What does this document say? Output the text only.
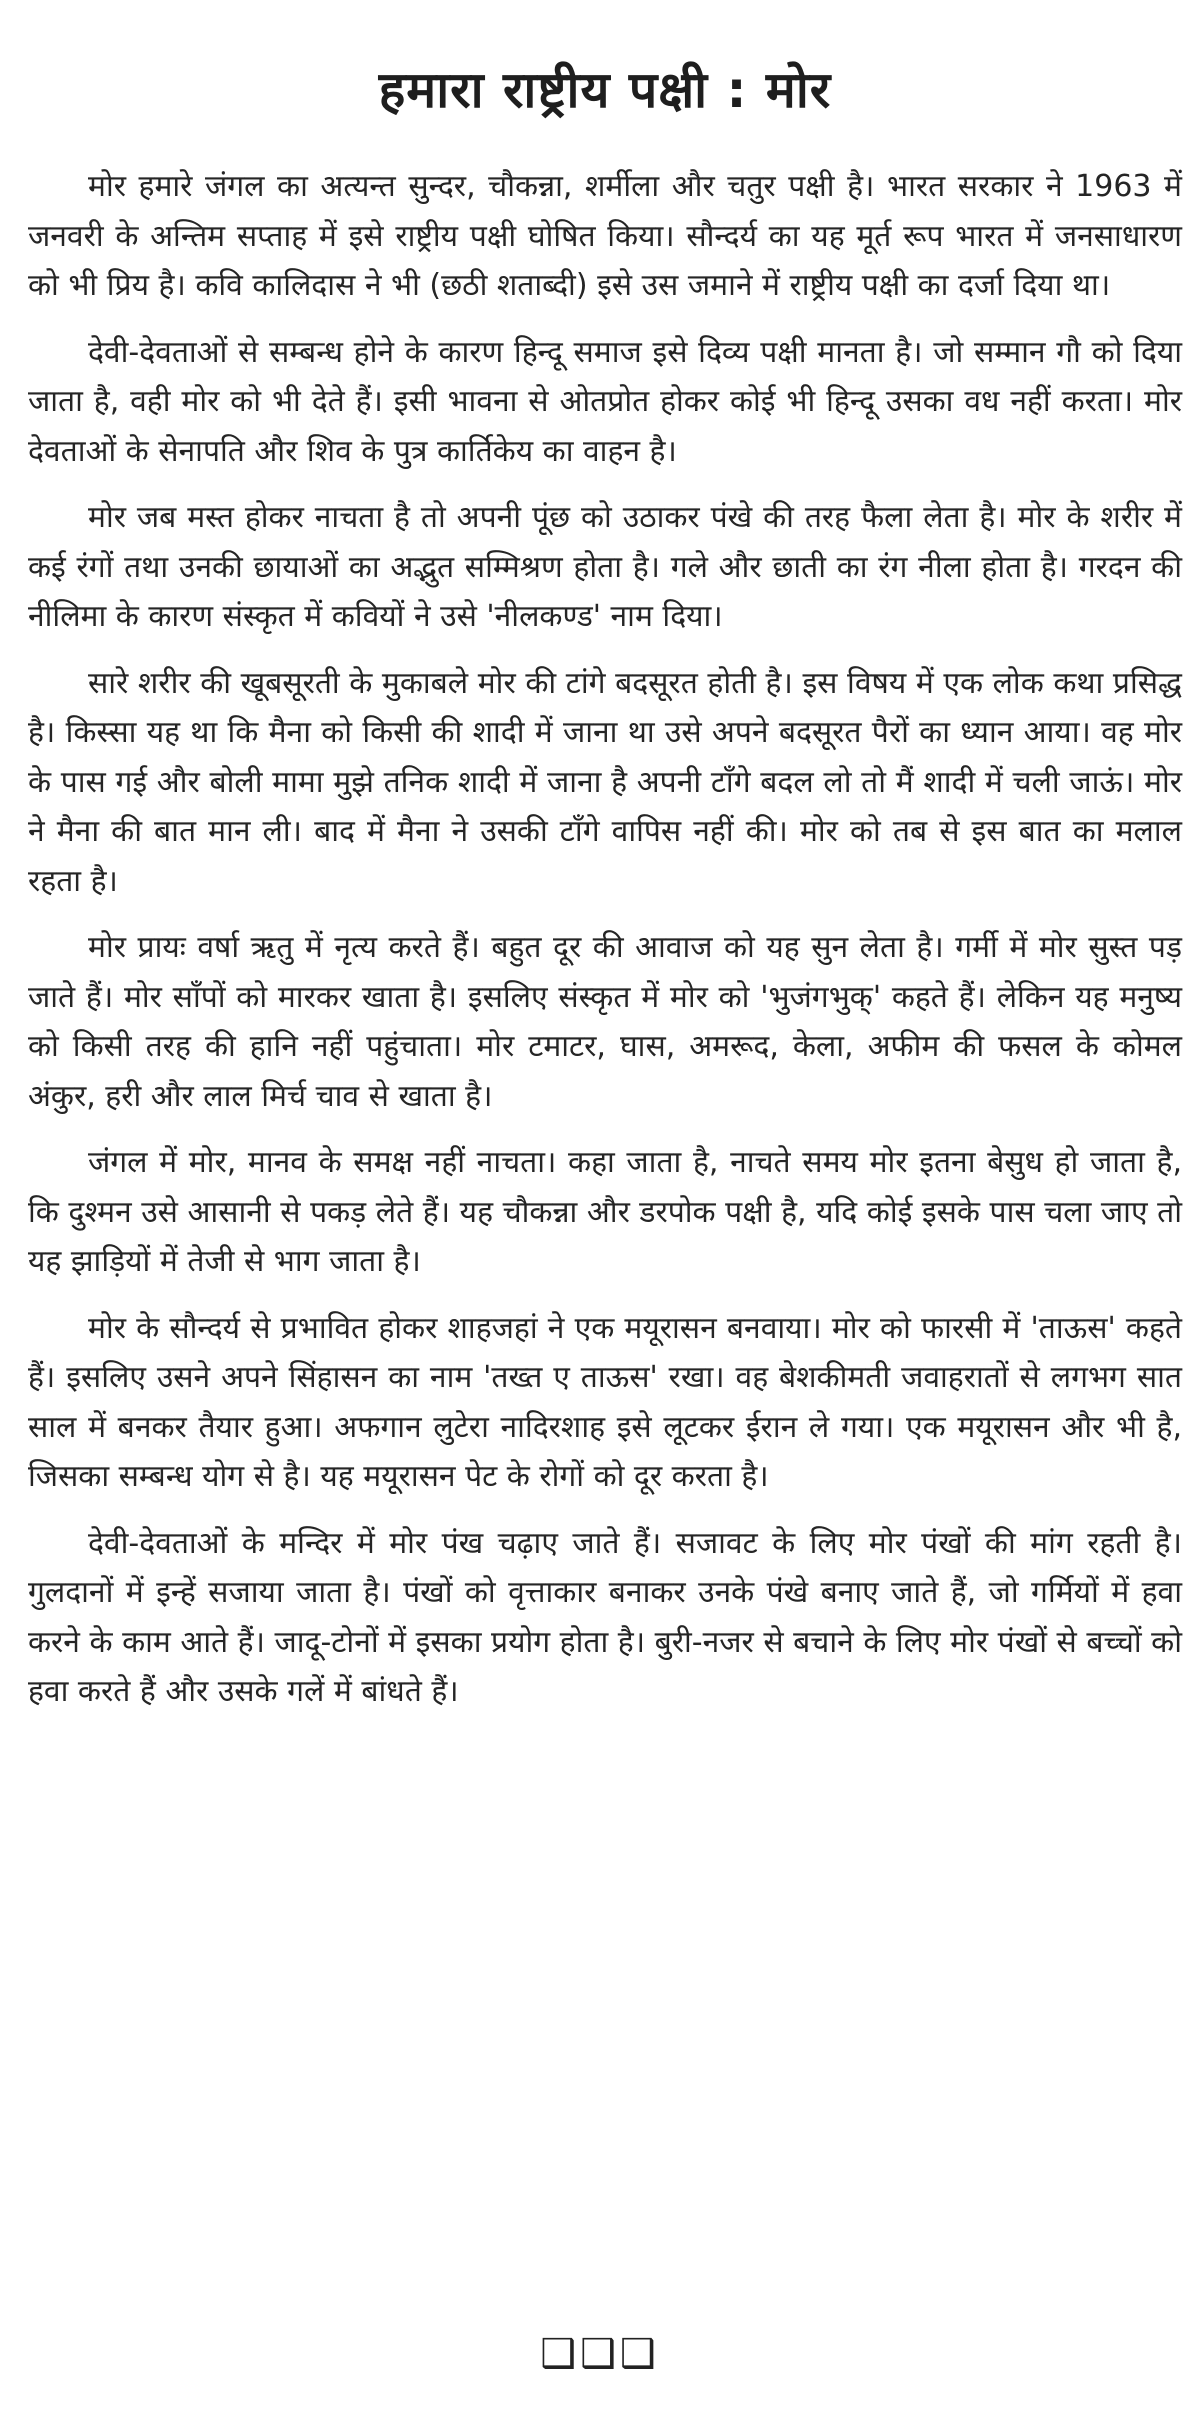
हमारा राष्ट्रीय पक्षी : मोर

मोर हमारे जंगल का अत्यन्त सुन्दर, चौकन्ना, शर्मीला और चतुर पक्षी है। भारत सरकार ने 1963 में जनवरी के अन्तिम सप्ताह में इसे राष्ट्रीय पक्षी घोषित किया। सौन्दर्य का यह मूर्त रूप भारत में जनसाधारण को भी प्रिय है। कवि कालिदास ने भी (छठी शताब्दी) इसे उस जमाने में राष्ट्रीय पक्षी का दर्जा दिया था।

देवी-देवताओं से सम्बन्ध होने के कारण हिन्दू समाज इसे दिव्य पक्षी मानता है। जो सम्मान गौ को दिया जाता है, वही मोर को भी देते हैं। इसी भावना से ओतप्रोत होकर कोई भी हिन्दू उसका वध नहीं करता। मोर देवताओं के सेनापति और शिव के पुत्र कार्तिकेय का वाहन है।

मोर जब मस्त होकर नाचता है तो अपनी पूंछ को उठाकर पंखे की तरह फैला लेता है। मोर के शरीर में कई रंगों तथा उनकी छायाओं का अद्भुत सम्मिश्रण होता है। गले और छाती का रंग नीला होता है। गरदन की नीलिमा के कारण संस्कृत में कवियों ने उसे 'नीलकण्ड' नाम दिया।

सारे शरीर की खूबसूरती के मुकाबले मोर की टांगे बदसूरत होती है। इस विषय में एक लोक कथा प्रसिद्ध है। किस्सा यह था कि मैना को किसी की शादी में जाना था उसे अपने बदसूरत पैरों का ध्यान आया। वह मोर के पास गई और बोली मामा मुझे तनिक शादी में जाना है अपनी टाँगे बदल लो तो मैं शादी में चली जाऊं। मोर ने मैना की बात मान ली। बाद में मैना ने उसकी टाँगे वापिस नहीं की। मोर को तब से इस बात का मलाल रहता है।

मोर प्रायः वर्षा ऋतु में नृत्य करते हैं। बहुत दूर की आवाज को यह सुन लेता है। गर्मी में मोर सुस्त पड़ जाते हैं। मोर साँपों को मारकर खाता है। इसलिए संस्कृत में मोर को 'भुजंगभुक्' कहते हैं। लेकिन यह मनुष्य को किसी तरह की हानि नहीं पहुंचाता। मोर टमाटर, घास, अमरूद, केला, अफीम की फसल के कोमल अंकुर, हरी और लाल मिर्च चाव से खाता है।

जंगल में मोर, मानव के समक्ष नहीं नाचता। कहा जाता है, नाचते समय मोर इतना बेसुध हो जाता है, कि दुश्मन उसे आसानी से पकड़ लेते हैं। यह चौकन्ना और डरपोक पक्षी है, यदि कोई इसके पास चला जाए तो यह झाड़ियों में तेजी से भाग जाता है।

मोर के सौन्दर्य से प्रभावित होकर शाहजहां ने एक मयूरासन बनवाया। मोर को फारसी में 'ताऊस' कहते हैं। इसलिए उसने अपने सिंहासन का नाम 'तख्त ए ताऊस' रखा। वह बेशकीमती जवाहरातों से लगभग सात साल में बनकर तैयार हुआ। अफगान लुटेरा नादिरशाह इसे लूटकर ईरान ले गया। एक मयूरासन और भी है, जिसका सम्बन्ध योग से है। यह मयूरासन पेट के रोगों को दूर करता है।

देवी-देवताओं के मन्दिर में मोर पंख चढ़ाए जाते हैं। सजावट के लिए मोर पंखों की मांग रहती है। गुलदानों में इन्हें सजाया जाता है। पंखों को वृत्ताकार बनाकर उनके पंखे बनाए जाते हैं, जो गर्मियों में हवा करने के काम आते हैं। जादू-टोनों में इसका प्रयोग होता है। बुरी-नजर से बचाने के लिए मोर पंखों से बच्चों को हवा करते हैं और उसके गलें में बांधते हैं।

❑❑❑
